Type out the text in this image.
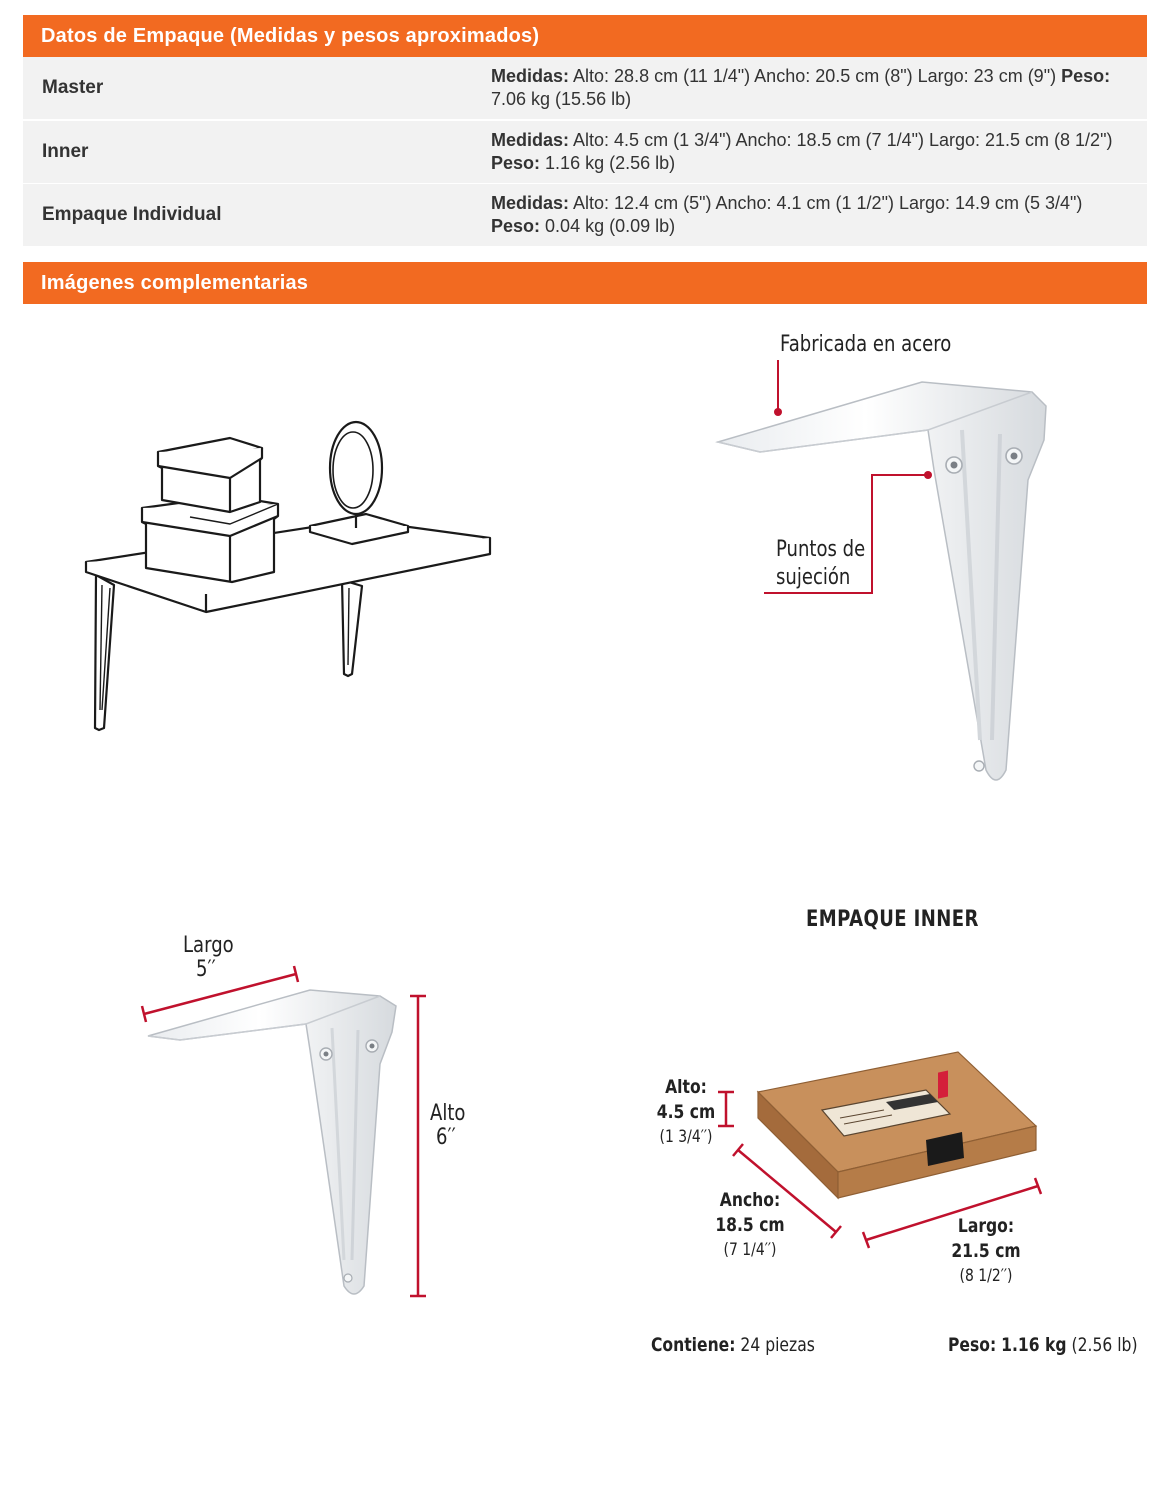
Datos de Empaque (Medidas y pesos aproximados)
Master
Medidas: Alto: 28.8 cm (11 1/4") Ancho: 20.5 cm (8") Largo: 23 cm (9") Peso: 7.06 kg (15.56 lb)
Inner
Medidas: Alto: 4.5 cm (1 3/4") Ancho: 18.5 cm (7 1/4") Largo: 21.5 cm (8 1/2") Peso: 1.16 kg (2.56 lb)
Empaque Individual
Medidas: Alto: 12.4 cm (5") Ancho: 4.1 cm (1 1/2") Largo: 14.9 cm (5 3/4") Peso: 0.04 kg (0.09 lb)
Imágenes complementarias
Fabricada en acero
Puntos de
sujeción
Largo
5′′
Alto
6′′
EMPAQUE INNER
Alto:
4.5 cm
(1 3/4′′)
Ancho:
18.5 cm
(7 1/4′′)
Largo:
21.5 cm
(8 1/2′′)
Contiene: 24 piezas	Peso: 1.16 kg (2.56 lb)
